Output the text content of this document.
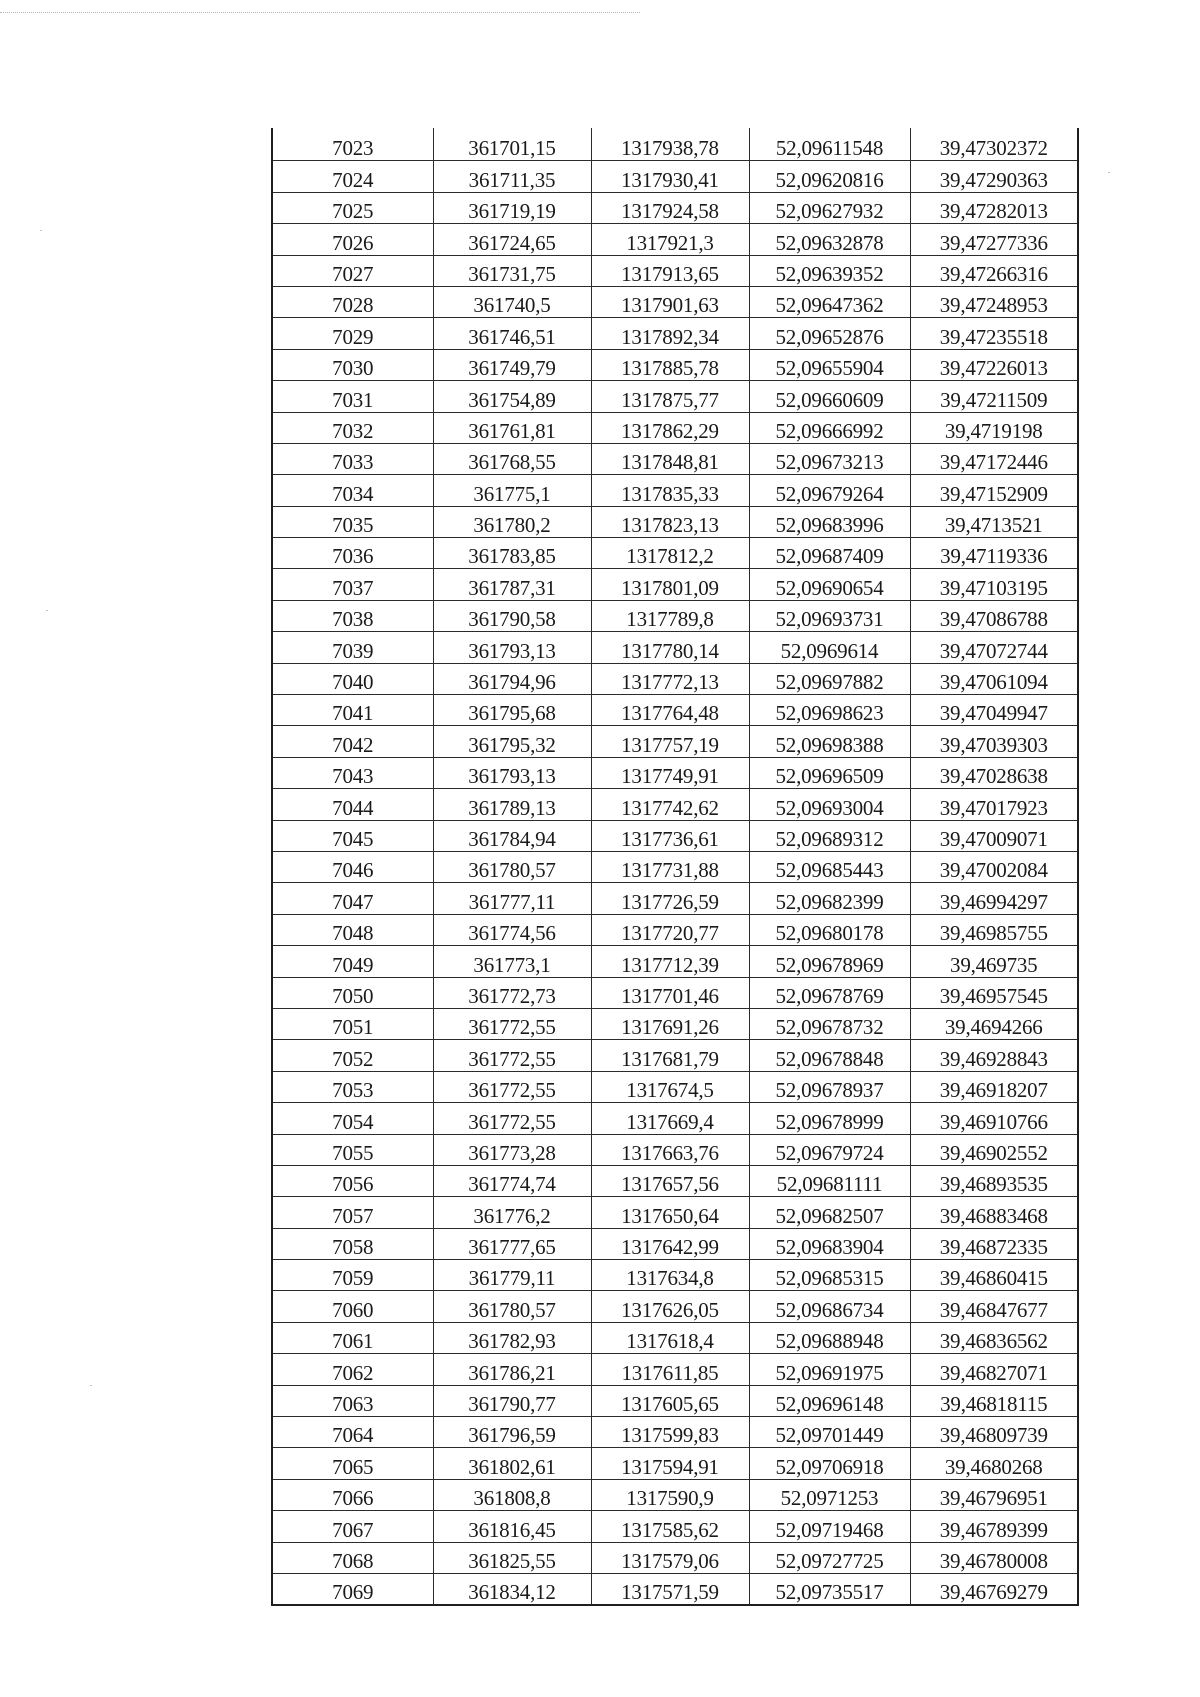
7023	361701,15	1317938,78	52,09611548	39,47302372
7024	361711,35	1317930,41	52,09620816	39,47290363
7025	361719,19	1317924,58	52,09627932	39,47282013
7026	361724,65	1317921,3	52,09632878	39,47277336
7027	361731,75	1317913,65	52,09639352	39,47266316
7028	361740,5	1317901,63	52,09647362	39,47248953
7029	361746,51	1317892,34	52,09652876	39,47235518
7030	361749,79	1317885,78	52,09655904	39,47226013
7031	361754,89	1317875,77	52,09660609	39,47211509
7032	361761,81	1317862,29	52,09666992	39,4719198
7033	361768,55	1317848,81	52,09673213	39,47172446
7034	361775,1	1317835,33	52,09679264	39,47152909
7035	361780,2	1317823,13	52,09683996	39,4713521
7036	361783,85	1317812,2	52,09687409	39,47119336
7037	361787,31	1317801,09	52,09690654	39,47103195
7038	361790,58	1317789,8	52,09693731	39,47086788
7039	361793,13	1317780,14	52,0969614	39,47072744
7040	361794,96	1317772,13	52,09697882	39,47061094
7041	361795,68	1317764,48	52,09698623	39,47049947
7042	361795,32	1317757,19	52,09698388	39,47039303
7043	361793,13	1317749,91	52,09696509	39,47028638
7044	361789,13	1317742,62	52,09693004	39,47017923
7045	361784,94	1317736,61	52,09689312	39,47009071
7046	361780,57	1317731,88	52,09685443	39,47002084
7047	361777,11	1317726,59	52,09682399	39,46994297
7048	361774,56	1317720,77	52,09680178	39,46985755
7049	361773,1	1317712,39	52,09678969	39,469735
7050	361772,73	1317701,46	52,09678769	39,46957545
7051	361772,55	1317691,26	52,09678732	39,4694266
7052	361772,55	1317681,79	52,09678848	39,46928843
7053	361772,55	1317674,5	52,09678937	39,46918207
7054	361772,55	1317669,4	52,09678999	39,46910766
7055	361773,28	1317663,76	52,09679724	39,46902552
7056	361774,74	1317657,56	52,09681111	39,46893535
7057	361776,2	1317650,64	52,09682507	39,46883468
7058	361777,65	1317642,99	52,09683904	39,46872335
7059	361779,11	1317634,8	52,09685315	39,46860415
7060	361780,57	1317626,05	52,09686734	39,46847677
7061	361782,93	1317618,4	52,09688948	39,46836562
7062	361786,21	1317611,85	52,09691975	39,46827071
7063	361790,77	1317605,65	52,09696148	39,46818115
7064	361796,59	1317599,83	52,09701449	39,46809739
7065	361802,61	1317594,91	52,09706918	39,4680268
7066	361808,8	1317590,9	52,0971253	39,46796951
7067	361816,45	1317585,62	52,09719468	39,46789399
7068	361825,55	1317579,06	52,09727725	39,46780008
7069	361834,12	1317571,59	52,09735517	39,46769279
